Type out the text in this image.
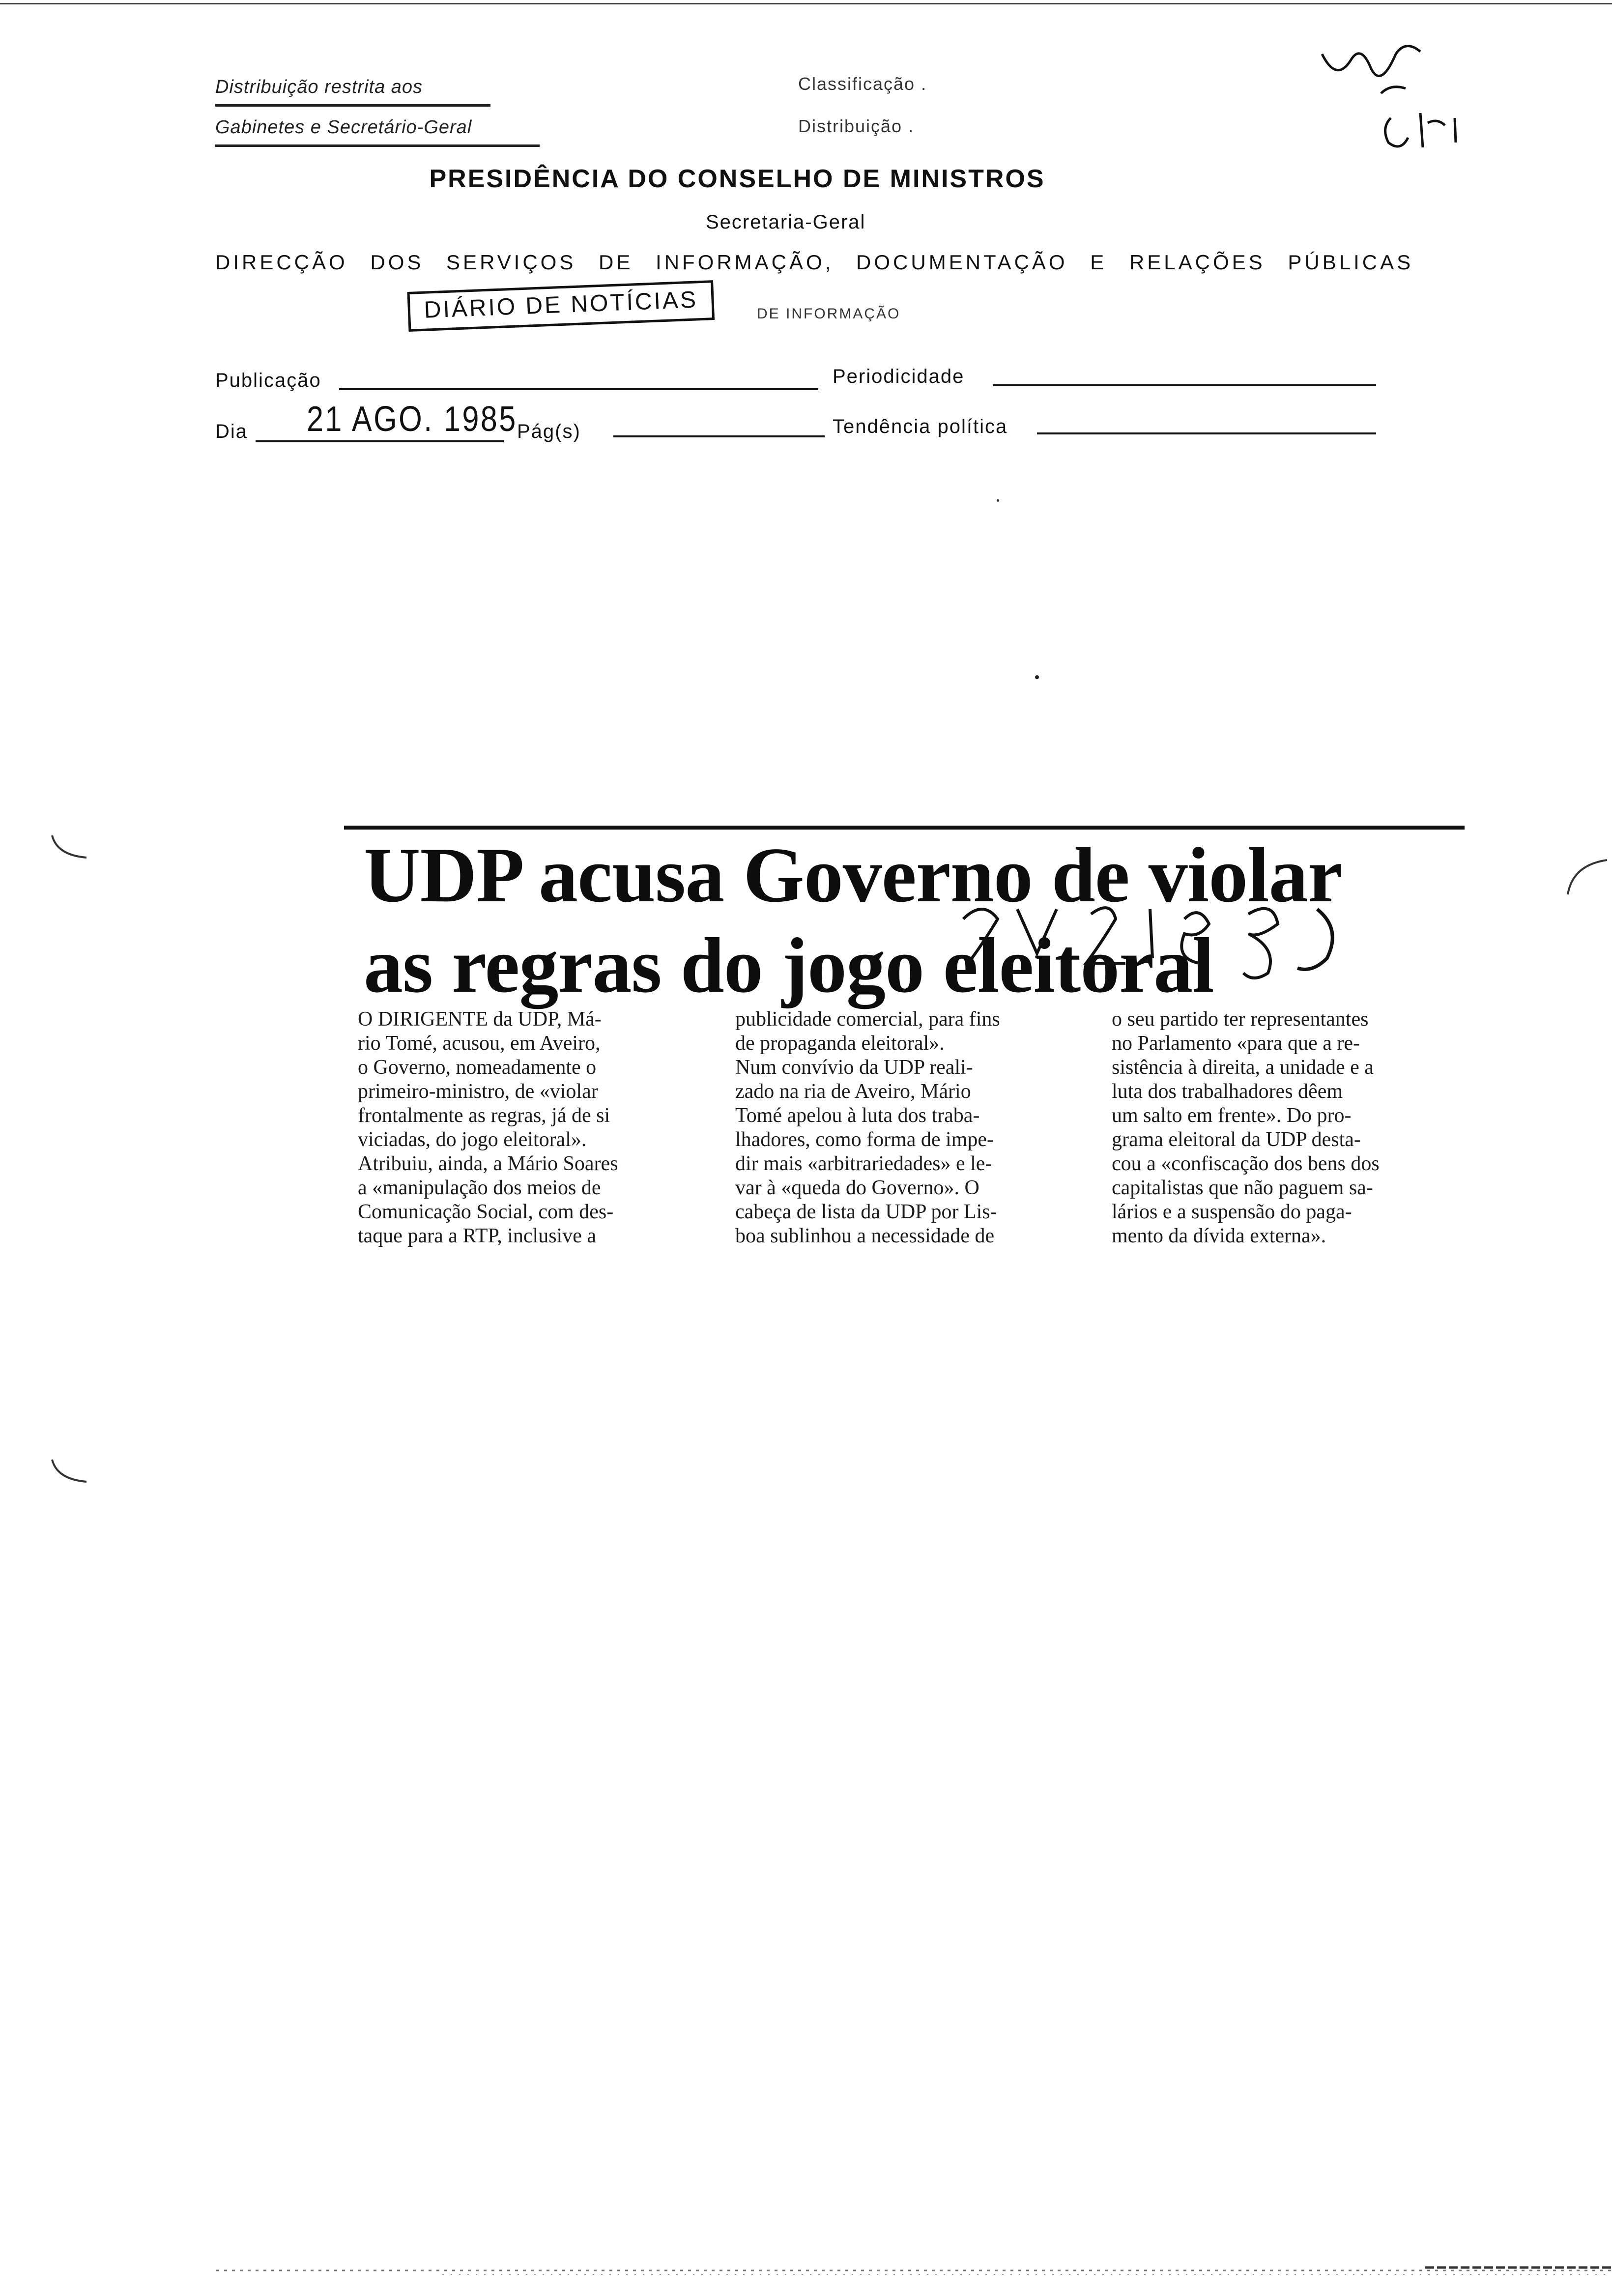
Distribuição restrita aos
Gabinetes e Secretário-Geral
Classificação .
Distribuição .
PRESIDÊNCIA DO CONSELHO DE MINISTROS
Secretaria-Geral
DIRECÇÃO DOS SERVIÇOS DE INFORMAÇÃO, DOCUMENTAÇÃO E RELAÇÕES PÚBLICAS
DIÁRIO DE NOTÍCIAS	DE INFORMAÇÃO
Publicação	Periodicidade
Dia 21 AGO. 1985 Pág(s)	Tendência política
UDP acusa Governo de violar
as regras do jogo eleitoral
O DIRIGENTE da UDP, Má-
rio Tomé, acusou, em Aveiro,
o Governo, nomeadamente o
primeiro-ministro, de «violar
frontalmente as regras, já de si
viciadas, do jogo eleitoral».
Atribuiu, ainda, a Mário Soares
a «manipulação dos meios de
Comunicação Social, com des-
taque para a RTP, inclusive a
publicidade comercial, para fins
de propaganda eleitoral».
Num convívio da UDP reali-
zado na ria de Aveiro, Mário
Tomé apelou à luta dos traba-
lhadores, como forma de impe-
dir mais «arbitrariedades» e le-
var à «queda do Governo». O
cabeça de lista da UDP por Lis-
boa sublinhou a necessidade de
o seu partido ter representantes
no Parlamento «para que a re-
sistência à direita, a unidade e a
luta dos trabalhadores dêem
um salto em frente». Do pro-
grama eleitoral da UDP desta-
cou a «confiscação dos bens dos
capitalistas que não paguem sa-
lários e a suspensão do paga-
mento da dívida externa».
